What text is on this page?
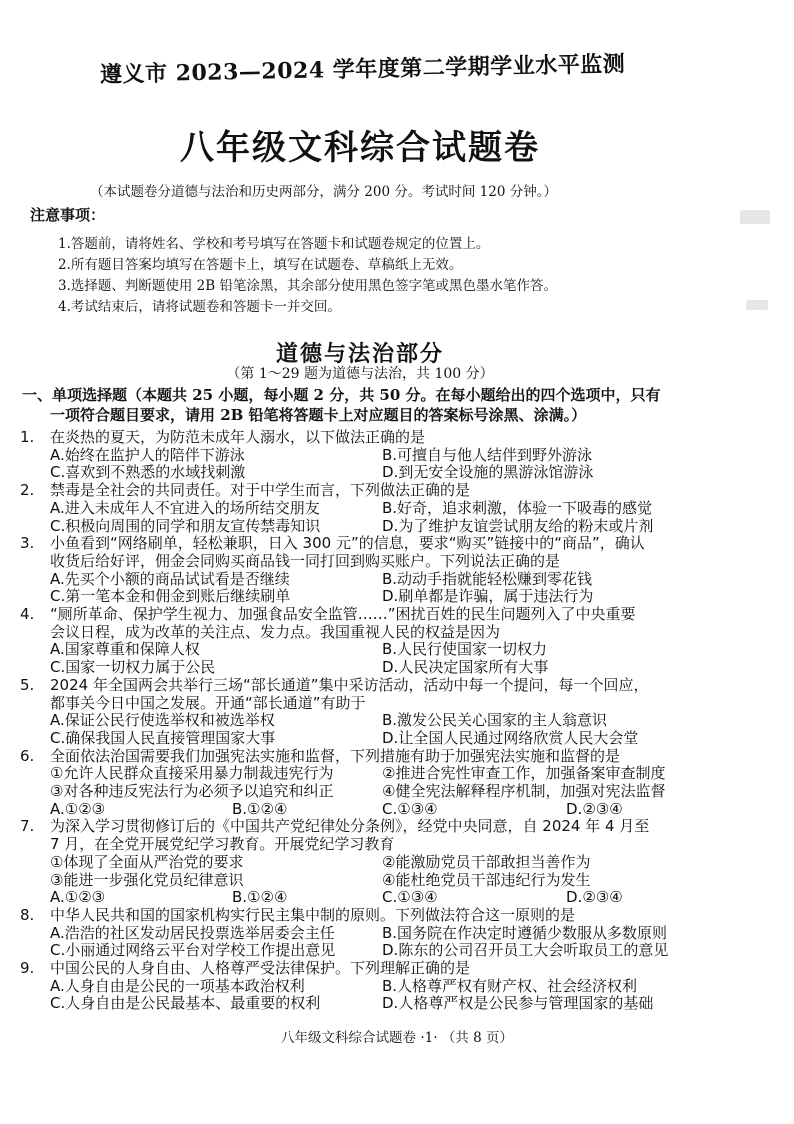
遵义市 2023—2024 学年度第二学期学业水平监测
八年级文科综合试题卷
（本试题卷分道德与法治和历史两部分，满分 200 分。考试时间 120 分钟。）
注意事项：
1.答题前，请将姓名、学校和考号填写在答题卡和试题卷规定的位置上。
2.所有题目答案均填写在答题卡上，填写在试题卷、草稿纸上无效。
3.选择题、判断题使用 2B 铅笔涂黑，其余部分使用黑色签字笔或黑色墨水笔作答。
4.考试结束后，请将试题卷和答题卡一并交回。
道德与法治部分
（第 1～29 题为道德与法治，共 100 分）
一、单项选择题（本题共 25 小题，每小题 2 分，共 50 分。在每小题给出的四个选项中，只有
一项符合题目要求，请用 2B 铅笔将答题卡上对应题目的答案标号涂黑、涂满。）
1. 在炎热的夏天，为防范未成年人溺水，以下做法正确的是
A.始终在监护人的陪伴下游泳	B.可擅自与他人结伴到野外游泳
C.喜欢到不熟悉的水域找刺激	D.到无安全设施的黑游泳馆游泳
2. 禁毒是全社会的共同责任。对于中学生而言，下列做法正确的是
A.进入未成年人不宜进入的场所结交朋友	B.好奇，追求刺激，体验一下吸毒的感觉
C.积极向周围的同学和朋友宣传禁毒知识	D.为了维护友谊尝试朋友给的粉末或片剂
3. 小鱼看到“网络刷单，轻松兼职，日入 300 元”的信息，要求“购买”链接中的“商品”，确认
收货后给好评，佣金会同购买商品钱一同打回到购买账户。下列说法正确的是
A.先买个小额的商品试试看是否继续	B.动动手指就能轻松赚到零花钱
C.第一笔本金和佣金到账后继续刷单	D.刷单都是诈骗，属于违法行为
4. “厕所革命、保护学生视力、加强食品安全监管……”困扰百姓的民生问题列入了中央重要
会议日程，成为改革的关注点、发力点。我国重视人民的权益是因为
A.国家尊重和保障人权	B.人民行使国家一切权力
C.国家一切权力属于公民	D.人民决定国家所有大事
5. 2024 年全国两会共举行三场“部长通道”集中采访活动，活动中每一个提问，每一个回应，
都事关今日中国之发展。开通“部长通道”有助于
A.保证公民行使选举权和被选举权	B.激发公民关心国家的主人翁意识
C.确保我国人民直接管理国家大事	D.让全国人民通过网络欣赏人民大会堂
6. 全面依法治国需要我们加强宪法实施和监督，下列措施有助于加强宪法实施和监督的是
①允许人民群众直接采用暴力制裁违宪行为	②推进合宪性审查工作，加强备案审查制度
③对各种违反宪法行为必须予以追究和纠正	④健全宪法解释程序机制，加强对宪法监督
A.①②③	B.①②④	C.①③④	D.②③④
7. 为深入学习贯彻修订后的《中国共产党纪律处分条例》，经党中央同意，自 2024 年 4 月至
7 月，在全党开展党纪学习教育。开展党纪学习教育
①体现了全面从严治党的要求	②能激励党员干部敢担当善作为
③能进一步强化党员纪律意识	④能杜绝党员干部违纪行为发生
A.①②③	B.①②④	C.①③④	D.②③④
8. 中华人民共和国的国家机构实行民主集中制的原则。下列做法符合这一原则的是
A.浩浩的社区发动居民投票选举居委会主任	B.国务院在作决定时遵循少数服从多数原则
C.小丽通过网络云平台对学校工作提出意见	D.陈东的公司召开员工大会听取员工的意见
9. 中国公民的人身自由、人格尊严受法律保护。下列理解正确的是
A.人身自由是公民的一项基本政治权利	B.人格尊严权有财产权、社会经济权利
C.人身自由是公民最基本、最重要的权利	D.人格尊严权是公民参与管理国家的基础
八年级文科综合试题卷 ·1· （共 8 页）
